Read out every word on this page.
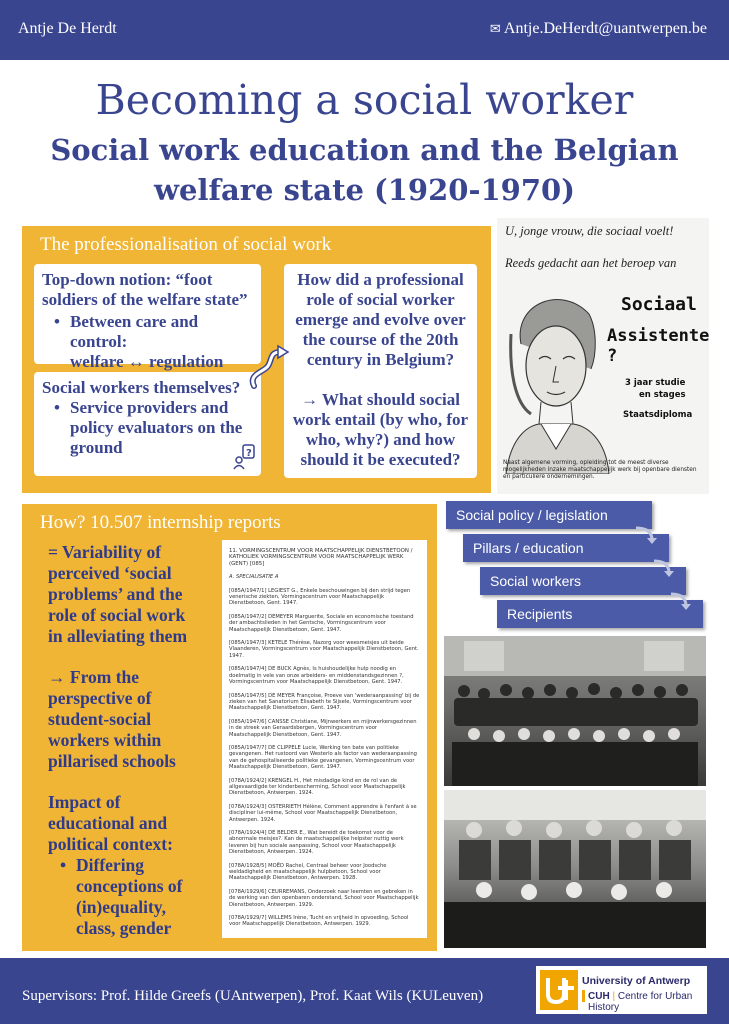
Antje De Herdt	✉ Antje.DeHerdt@uantwerpen.be
Becoming a social worker
Social work education and the Belgian
welfare state (1920-1970)
The professionalisation of social work
Top-down notion: “foot
soldiers of the welfare state”
• Between care and control:
welfare ↔ regulation
Social workers themselves?
• Service providers and
policy evaluators on the
ground	?
How did a professional
role of social worker
emerge and evolve over
the course of the 20th
century in Belgium?
→ What should social
work entail (by who, for
who, why?) and how
should it be executed?
U, jonge vrouw, die sociaal voelt!
Reeds gedacht aan het beroep van
Sociaal
Assistente ?
3 jaar studie
en stages
Staatsdiploma
Naast algemene vorming, opleiding tot de meest diverse mogelijkheden inzake maatschappelijk werk bij openbare diensten en particuliere ondernemingen.
How? 10.507 internship reports
= Variability of
perceived ‘social
problems’ and the
role of social work
in alleviating them
→ From the
perspective of
student-social
workers within
pillarised schools
Impact of
educational and
political context:
• Differing
conceptions of
(in)equality,
class, gender

11. VORMINGSCENTRUM VOOR MAATSCHAPPELIJK DIENSTBETOON / KATHOLIEK VORMINGSCENTRUM VOOR MAATSCHAPPELIJK WERK (GENT) [085]

A. SPECIALISATIE A

[085A/1947/1] LEGIEST G., Enkele beschouwingen bij den strijd tegen venerische ziekten, Vormingscentrum voor Maatschappelijk Dienstbetoon, Gent. 1947.

[085A/1947/2] DEMEYER Marguerite, Sociale en economische toestand der ambachtslieden in het Gentsche, Vormingscentrum voor Maatschappelijk Dienstbetoon, Gent. 1947.

[085A/1947/3] KETELE Thérèse, Nazorg voor weesmeisjes uit beide Vlaanderen, Vormingscentrum voor Maatschappelijk Dienstbetoon, Gent. 1947.

[085A/1947/4] DE BUCK Agnès, Is huishoudelijke hulp noodig en doelmatig in vele van onze arbeiders- en middenstandsgezinnen ?, Vormingscentrum voor Maatschappelijk Dienstbetoon, Gent. 1947.

[085A/1947/5] DE MEYER Françoise, Proeve van 'wederaanpassing' bij de zieken van het Sanatorium Elisabeth te Sijsele, Vormingscentrum voor Maatschappelijk Dienstbetoon, Gent. 1947.

[085A/1947/6] CANSSE Christiane, Mijnwerkers en mijnwerkersgezinnen in de streek van Geraardsbergen, Vormingscentrum voor Maatschappelijk Dienstbetoon, Gent. 1947.

[085A/1947/7] DE CLIPPELE Lucie, Werking ten bate van politieke gevangenen. Het rustoord van Westerlo als factor van wederaanpassing van de gehospitaliseerde politieke gevangenen, Vormingscentrum voor Maatschappelijk Dienstbetoon, Gent. 1947.

[078A/1924/2] KRENGEL H., Het misdadige kind en de rol van de allgevaardigde ter kinderbescherming, School voor Maatschappelijk Dienstbetoon, Antwerpen. 1924.

[078A/1924/3] OSTERRIETH Hélène, Comment apprendre à l'enfant à se discipliner lui-même, School voor Maatschappelijk Dienstbetoon, Antwerpen. 1924.

[078A/1924/4] DE BELDER E., Wat bereidt de toekomst voor de abnormale meisjes?. Kan de maatschappelijke helpster nuttig werk leveren bij hun sociale aanpassing, School voor Maatschappelijk Dienstbetoon, Antwerpen. 1924.

[078A/1928/5] MOËD Rachel, Centraal beheer voor Joodsche weldadigheid en maatschappelijk hulpbetoon, School voor Maatschappelijk Dienstbetoon, Antwerpen. 1928.

[078A/1929/6] CEURREMANS, Onderzoek naar leemten en gebreken in de werking van den openbaren onderstand, School voor Maatschappelijk Dienstbetoon, Antwerpen. 1929.

[078A/1929/7] WILLEMS Irène, Tucht en vrijheid in opvoeding, School voor Maatschappelijk Dienstbetoon, Antwerpen. 1929.

Social policy / legislation
Pillars / education
Social workers
Recipients
Supervisors: Prof. Hilde Greefs (UAntwerpen), Prof. Kaat Wils (KULeuven)
University of Antwerp
CUH | Centre for Urban History
